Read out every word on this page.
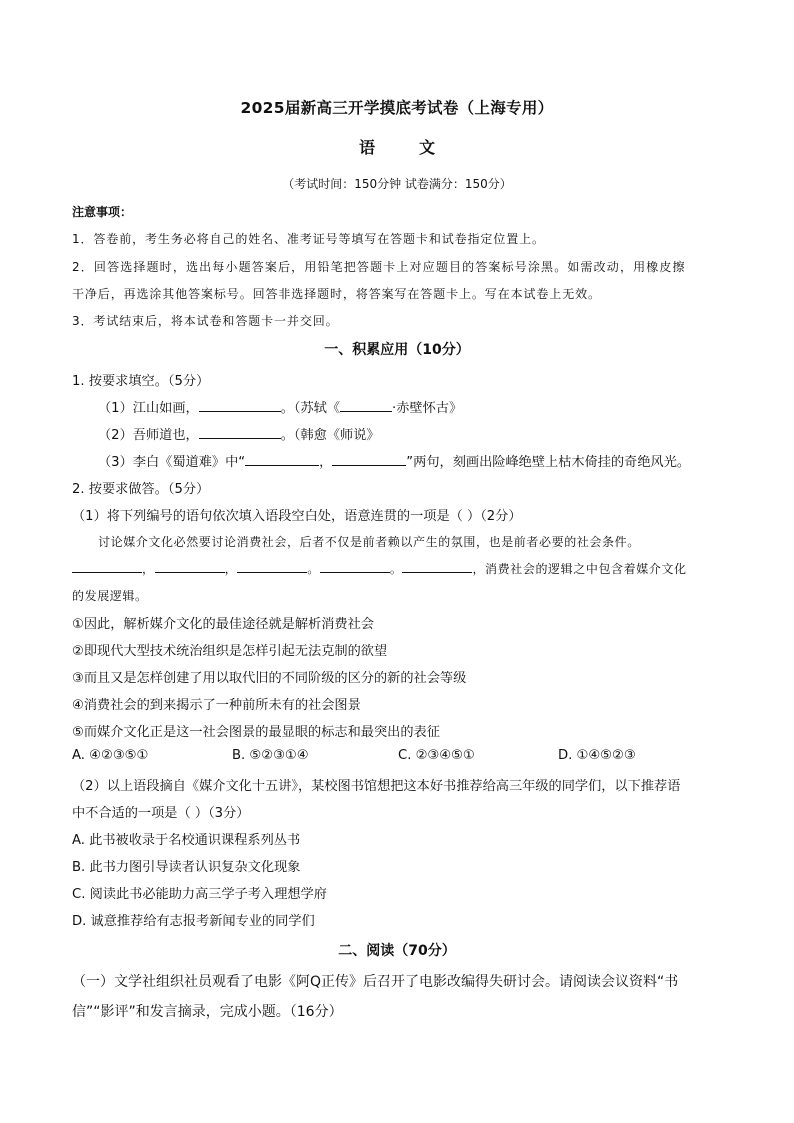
2025届新高三开学摸底考试卷（上海专用）
语文
（考试时间：150分钟 试卷满分：150分）
注意事项：
1．答卷前，考生务必将自己的姓名、准考证号等填写在答题卡和试卷指定位置上。
2．回答选择题时，选出每小题答案后，用铅笔把答题卡上对应题目的答案标号涂黑。如需改动，用橡皮擦
干净后，再选涂其他答案标号。回答非选择题时，将答案写在答题卡上。写在本试卷上无效。
3．考试结束后，将本试卷和答题卡一并交回。
一、积累应用（10分）
1. 按要求填空。（5分）
（1）江山如画，	。（苏轼《	·赤壁怀古》
（2）吾师道也，	。（韩愈《师说》
（3）李白《蜀道难》中“	，	”两句，刻画出险峰绝壁上枯木倚挂的奇绝风光。
2. 按要求做答。（5分）
（1）将下列编号的语句依次填入语段空白处，语意连贯的一项是（ ）（2分）
讨论媒介文化必然要讨论消费社会，后者不仅是前者赖以产生的氛围，也是前者必要的社会条件。
，	，	。	。	，消费社会的逻辑之中包含着媒介文化
的发展逻辑。
①因此，解析媒介文化的最佳途径就是解析消费社会
②即现代大型技术统治组织是怎样引起无法克制的欲望
③而且又是怎样创建了用以取代旧的不同阶级的区分的新的社会等级
④消费社会的到来揭示了一种前所未有的社会图景
⑤而媒介文化正是这一社会图景的最显眼的标志和最突出的表征
A. ④②③⑤①	B. ⑤②③①④	C. ②③④⑤①	D. ①④⑤②③
（2）以上语段摘自《媒介文化十五讲》，某校图书馆想把这本好书推荐给高三年级的同学们，以下推荐语
中不合适的一项是（ ）（3分）
A. 此书被收录于名校通识课程系列丛书
B. 此书力图引导读者认识复杂文化现象
C. 阅读此书必能助力高三学子考入理想学府
D. 诚意推荐给有志报考新闻专业的同学们
二、阅读（70分）
（一）文学社组织社员观看了电影《阿Q正传》后召开了电影改编得失研讨会。请阅读会议资料“书
信”“影评”和发言摘录，完成小题。（16分）
